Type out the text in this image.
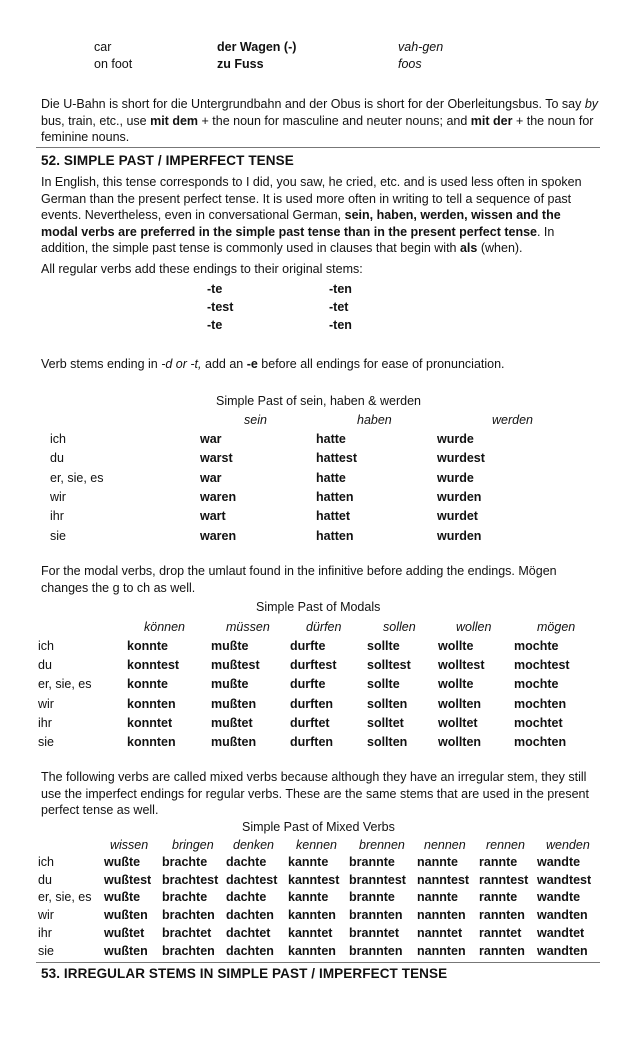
car	der Wagen (-)	vah-gen
on foot	zu Fuss	foos
Die U-Bahn is short for die Untergrundbahn and der Obus is short for der Oberleitungsbus. To say by bus, train, etc., use mit dem + the noun for masculine and neuter nouns; and mit der + the noun for feminine nouns.
52. SIMPLE PAST / IMPERFECT TENSE
In English, this tense corresponds to I did, you saw, he cried, etc. and is used less often in spoken German than the present perfect tense. It is used more often in writing to tell a sequence of past events. Nevertheless, even in conversational German, sein, haben, werden, wissen and the modal verbs are preferred in the simple past tense than in the present perfect tense. In addition, the simple past tense is commonly used in clauses that begin with als (when).
All regular verbs add these endings to their original stems:
-te	-ten
-test	-tet
-te	-ten
Verb stems ending in -d or -t, add an -e before all endings for ease of pronunciation.
Simple Past of sein, haben & werden
sein	haben	werden
ich	war	hatte	wurde
du	warst	hattest	wurdest
er, sie, es	war	hatte	wurde
wir	waren	hatten	wurden
ihr	wart	hattet	wurdet
sie	waren	hatten	wurden
For the modal verbs, drop the umlaut found in the infinitive before adding the endings. Mögen
changes the g to ch as well.
Simple Past of Modals
können	müssen	dürfen	sollen	wollen	mögen
ich	konnte	mußte	durfte	sollte	wollte	mochte
du	konntest	mußtest durftest solltest wolltest mochtest
er, sie, es	konnte	mußte	durfte	sollte	wollte	mochte
wir	konnten	mußten	durften	sollten wollten	mochten
ihr	konntet	mußtet	durftet	solltet	wolltet	mochtet
sie	konnten	mußten	durften	sollten wollten	mochten
The following verbs are called mixed verbs because although they have an irregular stem, they still use the imperfect endings for regular verbs. These are the same stems that are used in the present perfect tense as well.
Simple Past of Mixed Verbs
wissen bringen denken kennen brennen nennen rennen wenden
ich	wußte brachte dachte kannte brannte nannte rannte wandte
du	wußtest brachtest dachtest kanntest branntest nanntest ranntest wandtest
er, sie, es wußte brachte dachte kannte brannte nannte rannte wandte
wir	wußten brachten dachten kannten brannten nannten rannten wandten
ihr	wußtet brachtet dachtet kanntet branntet nanntet ranntet wandtet
sie	wußten brachten dachten kannten brannten nannten rannten wandten
53. IRREGULAR STEMS IN SIMPLE PAST / IMPERFECT TENSE
